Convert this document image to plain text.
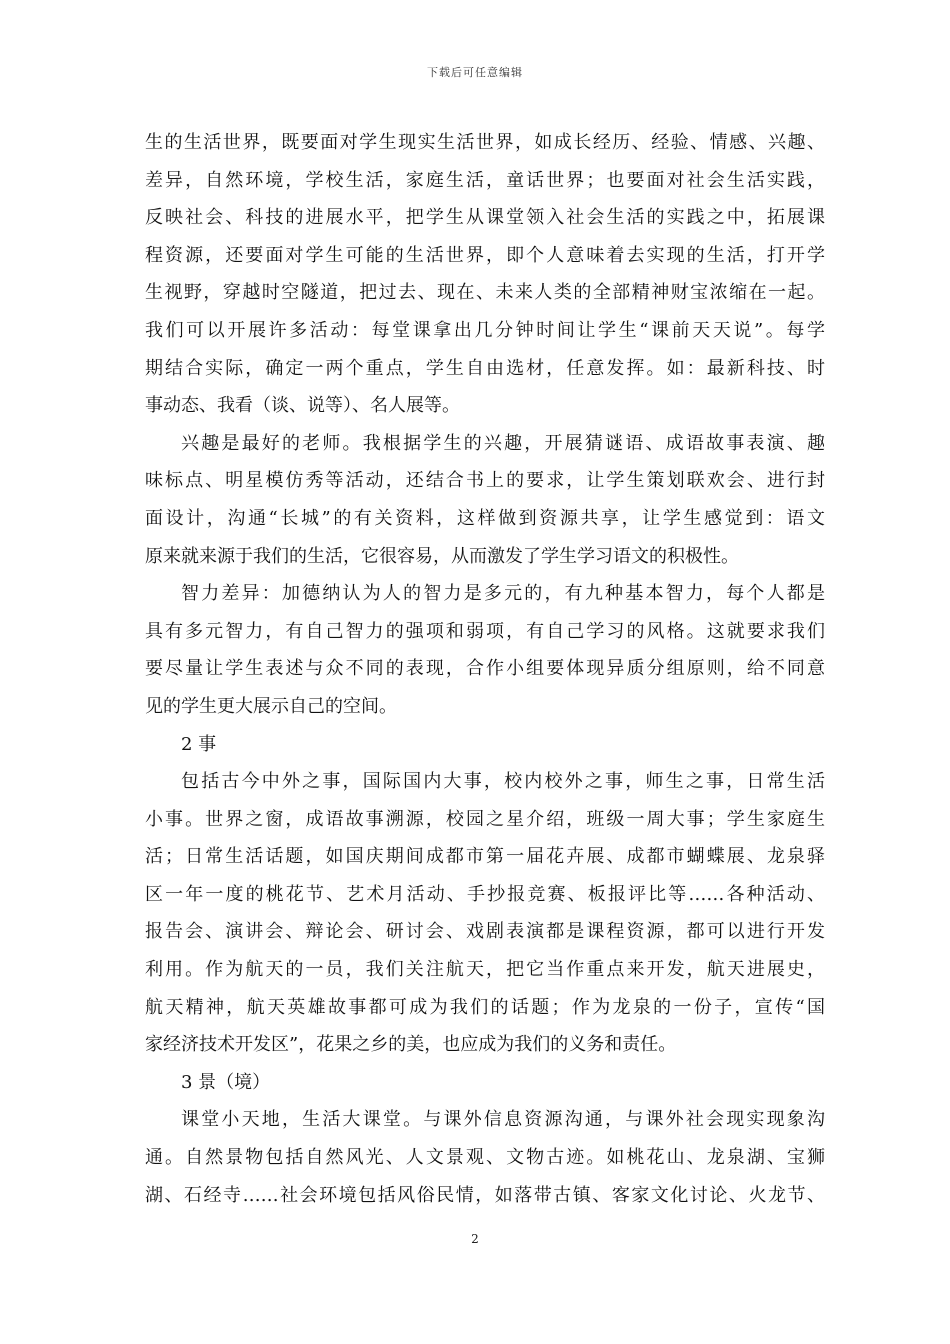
下载后可任意编辑
生的生活世界，既要面对学生现实生活世界，如成长经历、经验、情感、兴趣、
差异，自然环境，学校生活，家庭生活，童话世界；也要面对社会生活实践，
反映社会、科技的进展水平，把学生从课堂领入社会生活的实践之中，拓展课
程资源，还要面对学生可能的生活世界，即个人意味着去实现的生活，打开学
生视野，穿越时空隧道，把过去、现在、未来人类的全部精神财宝浓缩在一起。
我们可以开展许多活动：每堂课拿出几分钟时间让学生“课前天天说”。每学
期结合实际，确定一两个重点，学生自由选材，任意发挥。如：最新科技、时
事动态、我看（谈、说等）、名人展等。
兴趣是最好的老师。我根据学生的兴趣，开展猜谜语、成语故事表演、趣
味标点、明星模仿秀等活动，还结合书上的要求，让学生策划联欢会、进行封
面设计，沟通“长城”的有关资料，这样做到资源共享，让学生感觉到：语文
原来就来源于我们的生活，它很容易，从而激发了学生学习语文的积极性。
智力差异：加德纳认为人的智力是多元的，有九种基本智力，每个人都是
具有多元智力，有自己智力的强项和弱项，有自己学习的风格。这就要求我们
要尽量让学生表述与众不同的表现，合作小组要体现异质分组原则，给不同意
见的学生更大展示自己的空间。
2 事
包括古今中外之事，国际国内大事，校内校外之事，师生之事，日常生活
小事。世界之窗，成语故事溯源，校园之星介绍，班级一周大事；学生家庭生
活；日常生活话题，如国庆期间成都市第一届花卉展、成都市蝴蝶展、龙泉驿
区一年一度的桃花节、艺术月活动、手抄报竞赛、板报评比等……各种活动、
报告会、演讲会、辩论会、研讨会、戏剧表演都是课程资源，都可以进行开发
利用。作为航天的一员，我们关注航天，把它当作重点来开发，航天进展史，
航天精神，航天英雄故事都可成为我们的话题；作为龙泉的一份子，宣传“国
家经济技术开发区”，花果之乡的美，也应成为我们的义务和责任。
3 景（境）
课堂小天地，生活大课堂。与课外信息资源沟通，与课外社会现实现象沟
通。自然景物包括自然风光、人文景观、文物古迹。如桃花山、龙泉湖、宝狮
湖、石经寺……社会环境包括风俗民情，如落带古镇、客家文化讨论、火龙节、
2
